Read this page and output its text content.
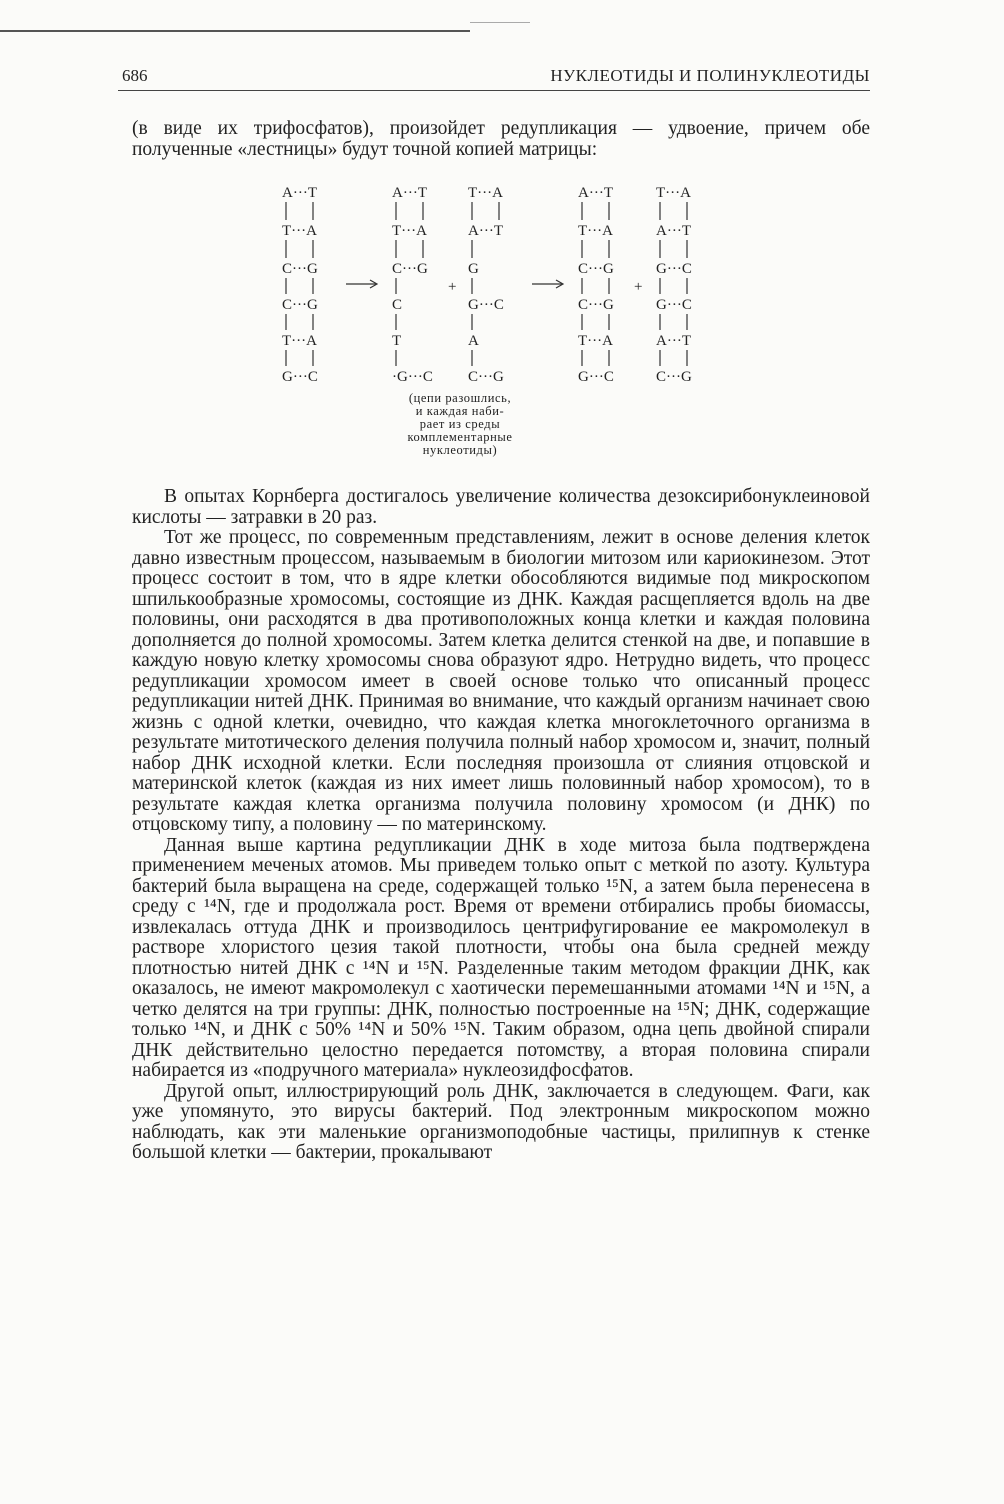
686	НУКЛЕОТИДЫ И ПОЛИНУКЛЕОТИДЫ

(в виде их трифосфатов), произойдет редупликация — удвоение, причем обе полученные «лестницы» будут точной копией матрицы:

A···T
T···A
C···G
C···G
T···A
G···C
A···T
T···A
C···G
C
T
·G···C
T···A
A···T
G
G···C
A
C···G
A···T
T···A
C···G
C···G
T···A
G···C
T···A
A···T
G···C
G···C
A···T
C···G
+	+
(цепи разошлись,
и каждая наби-
рает из среды
комплементарные
нуклеотиды)

В опытах Корнберга достигалось увеличение количества дезоксирибонуклеиновой кислоты — затравки в 20 раз.

Тот же процесс, по современным представлениям, лежит в основе деления клеток давно известным процессом, называемым в биологии митозом или кариокинезом. Этот процесс состоит в том, что в ядре клетки обособляются видимые под микроскопом шпилькообразные хромосомы, состоящие из ДНК. Каждая расщепляется вдоль на две половины, они расходятся в два противоположных конца клетки и каждая половина дополняется до полной хромосомы. Затем клетка делится стенкой на две, и попавшие в каждую новую клетку хромосомы снова образуют ядро. Нетрудно видеть, что процесс редупликации хромосом имеет в своей основе только что описанный процесс редупликации нитей ДНК. Принимая во внимание, что каждый организм начинает свою жизнь с одной клетки, очевидно, что каждая клетка многоклеточного организма в результате митотического деления получила полный набор хромосом и, значит, полный набор ДНК исходной клетки. Если последняя произошла от слияния отцовской и материнской клеток (каждая из них имеет лишь половинный набор хромосом), то в результате каждая клетка организма получила половину хромосом (и ДНК) по отцовскому типу, а половину — по материнскому.

Данная выше картина редупликации ДНК в ходе митоза была подтверждена применением меченых атомов. Мы приведем только опыт с меткой по азоту. Культура бактерий была выращена на среде, содержащей только ¹⁵N, а затем была перенесена в среду с ¹⁴N, где и продолжала рост. Время от времени отбирались пробы биомассы, извлекалась оттуда ДНК и производилось центрифугирование ее макромолекул в растворе хлористого цезия такой плотности, чтобы она была средней между плотностью нитей ДНК с ¹⁴N и ¹⁵N. Разделенные таким методом фракции ДНК, как оказалось, не имеют макромолекул с хаотически перемешанными атомами ¹⁴N и ¹⁵N, а четко делятся на три группы: ДНК, полностью построенные на ¹⁵N; ДНК, содержащие только ¹⁴N, и ДНК с 50% ¹⁴N и 50% ¹⁵N. Таким образом, одна цепь двойной спирали ДНК действительно целостно передается потомству, а вторая половина спирали набирается из «подручного материала» нуклеозидфосфатов.

Другой опыт, иллюстрирующий роль ДНК, заключается в следующем. Фаги, как уже упомянуто, это вирусы бактерий. Под электронным микроскопом можно наблюдать, как эти маленькие организмоподобные частицы, прилипнув к стенке большой клетки — бактерии, прокалывают
